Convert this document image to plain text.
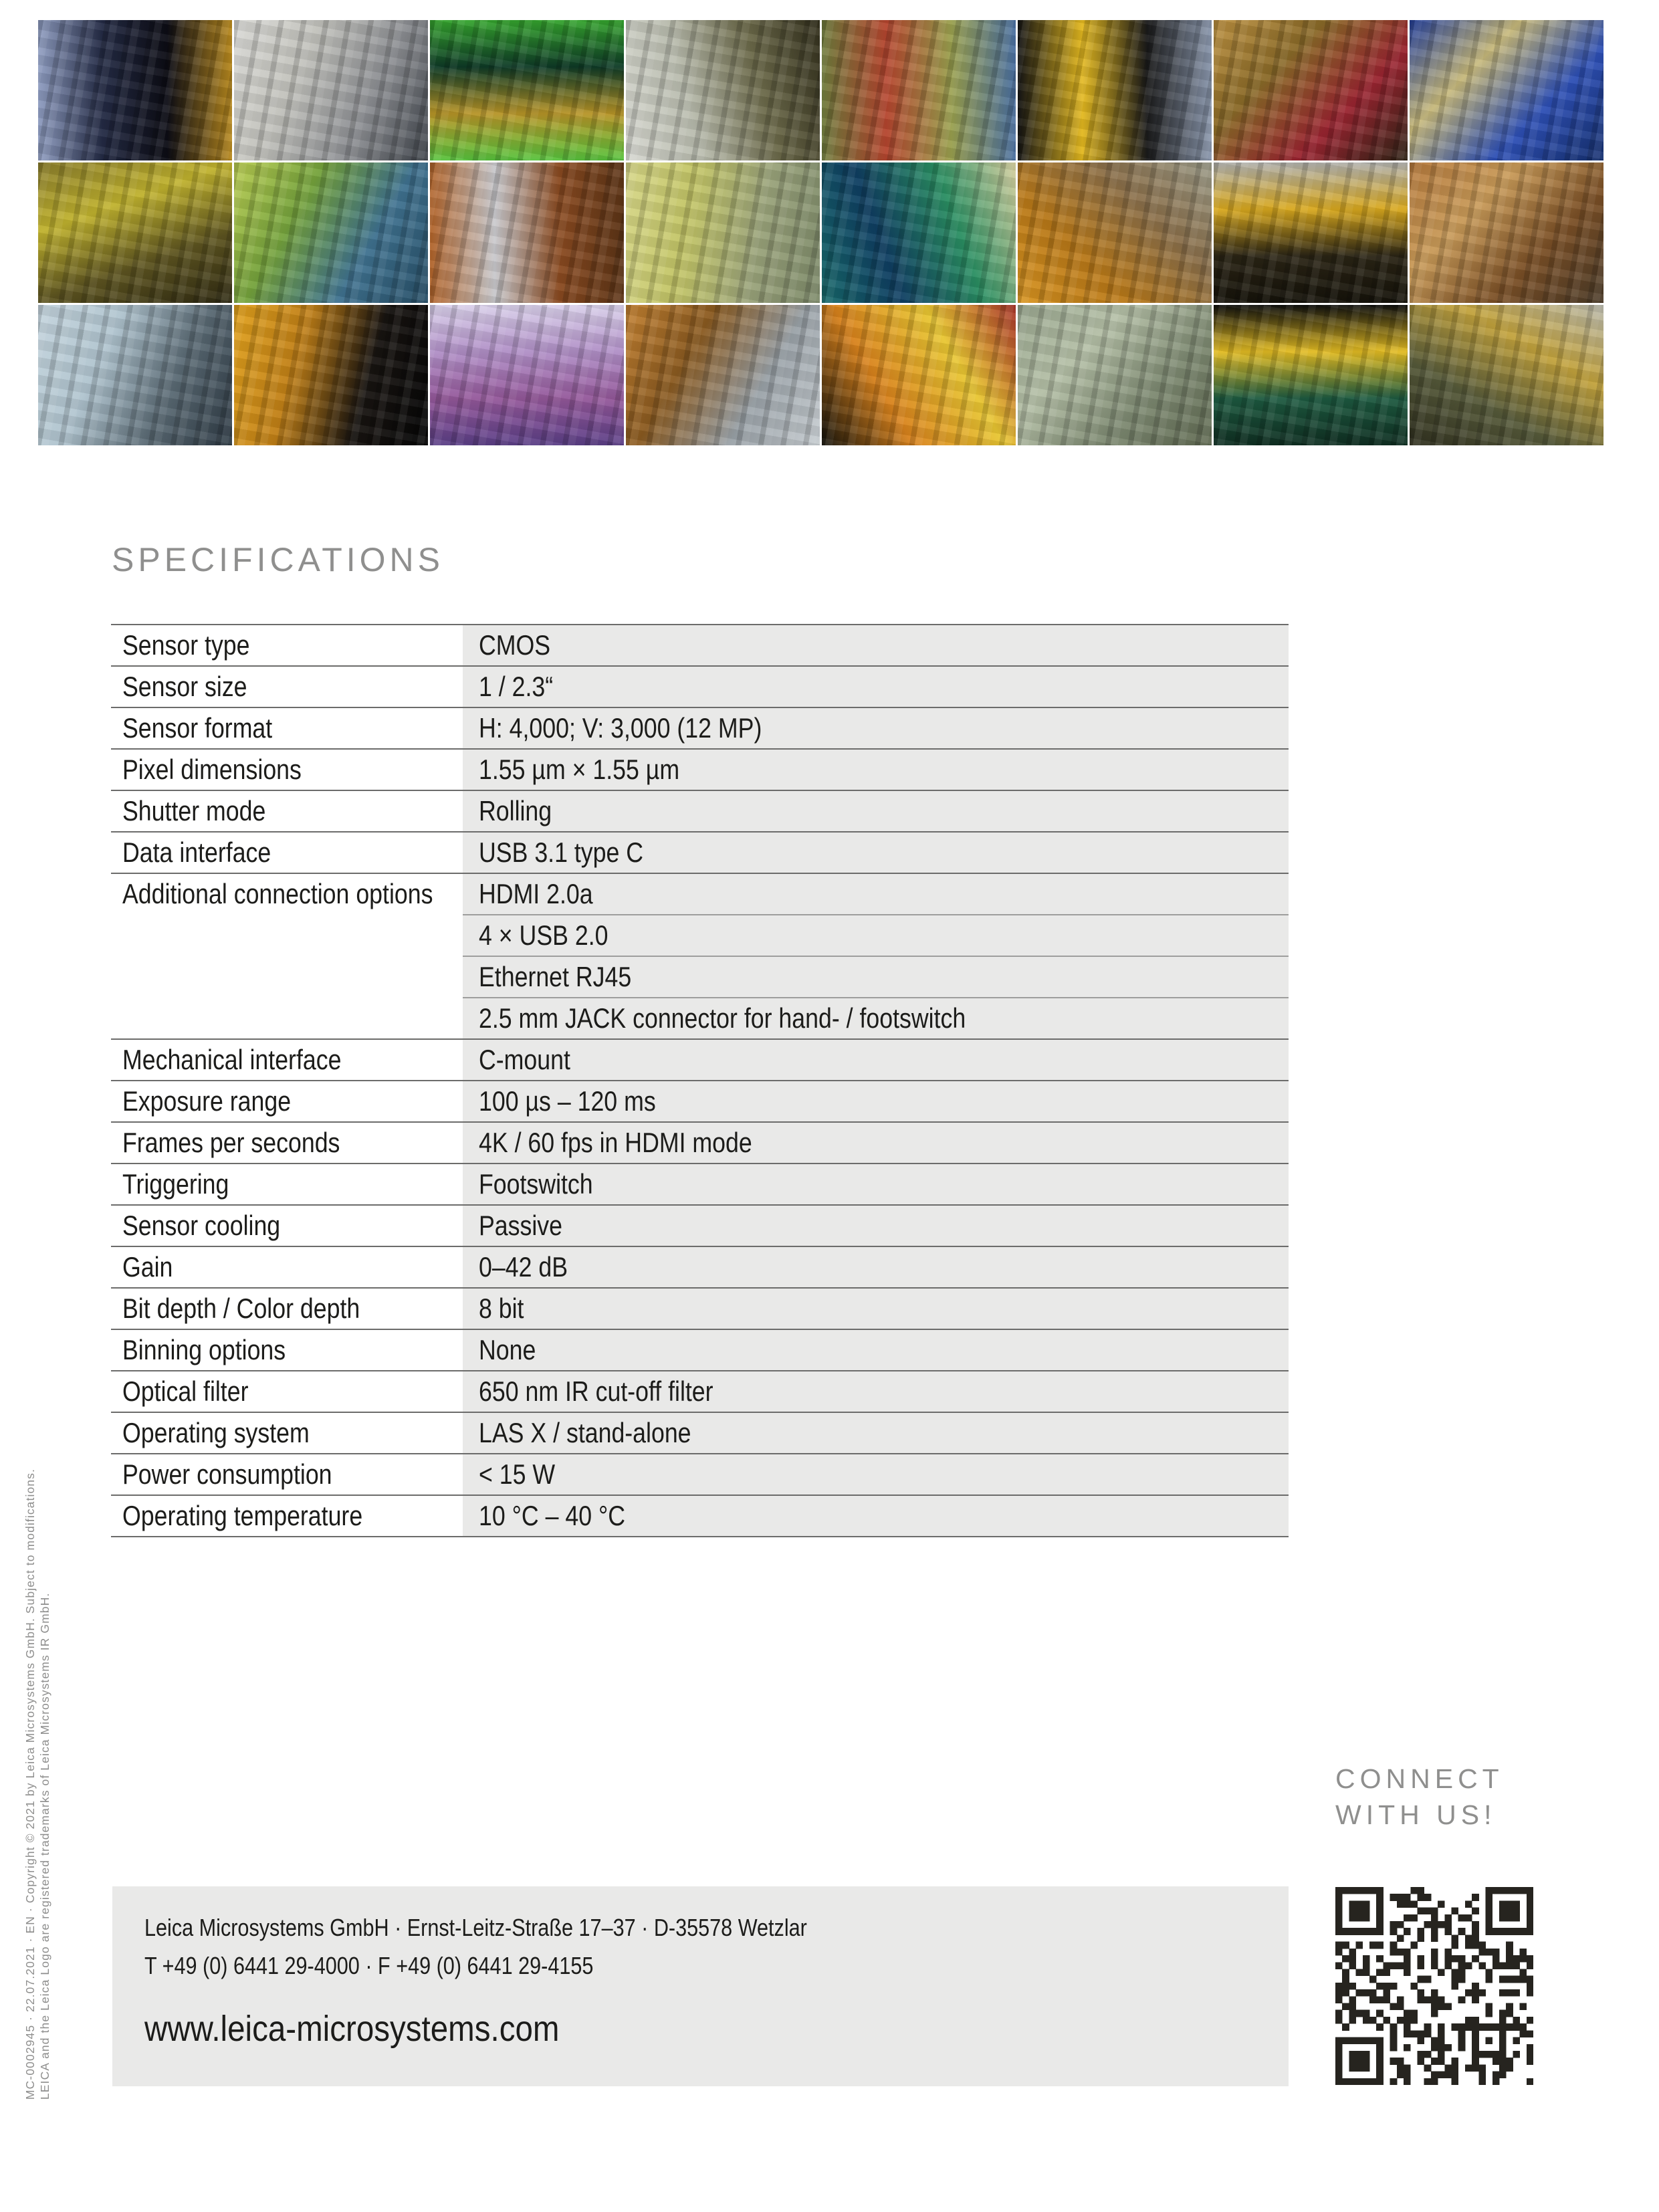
SPECIFICATIONS
Sensor type	CMOS
Sensor size	1 / 2.3“
Sensor format	H: 4,000; V: 3,000 (12 MP)
Pixel dimensions	1.55 µm × 1.55 µm
Shutter mode	Rolling
Data interface	USB 3.1 type C
Additional connection options	HDMI 2.0a
4 × USB 2.0
Ethernet RJ45
2.5 mm JACK connector for hand- / footswitch
Mechanical interface	C-mount
Exposure range	100 µs – 120 ms
Frames per seconds	4K / 60 fps in HDMI mode
Triggering	Footswitch
Sensor cooling	Passive
Gain	0–42 dB
Bit depth / Color depth	8 bit
Binning options	None
Optical filter	650 nm IR cut-off filter
Operating system	LAS X / stand-alone
Power consumption	< 15 W
Operating temperature	10 °C – 40 °C
CONNECT
WITH US!
Leica Microsystems GmbH · Ernst-Leitz-Straße 17–37 · D-35578 Wetzlar
T +49 (0) 6441 29-4000 · F +49 (0) 6441 29-4155
www.leica-microsystems.com
MC-0002945 · 22.07.2021 · EN · Copyright © 2021 by Leica Microsystems GmbH. Subject to modifications. LEICA and the Leica Logo are registered trademarks of Leica Microsystems IR GmbH.
